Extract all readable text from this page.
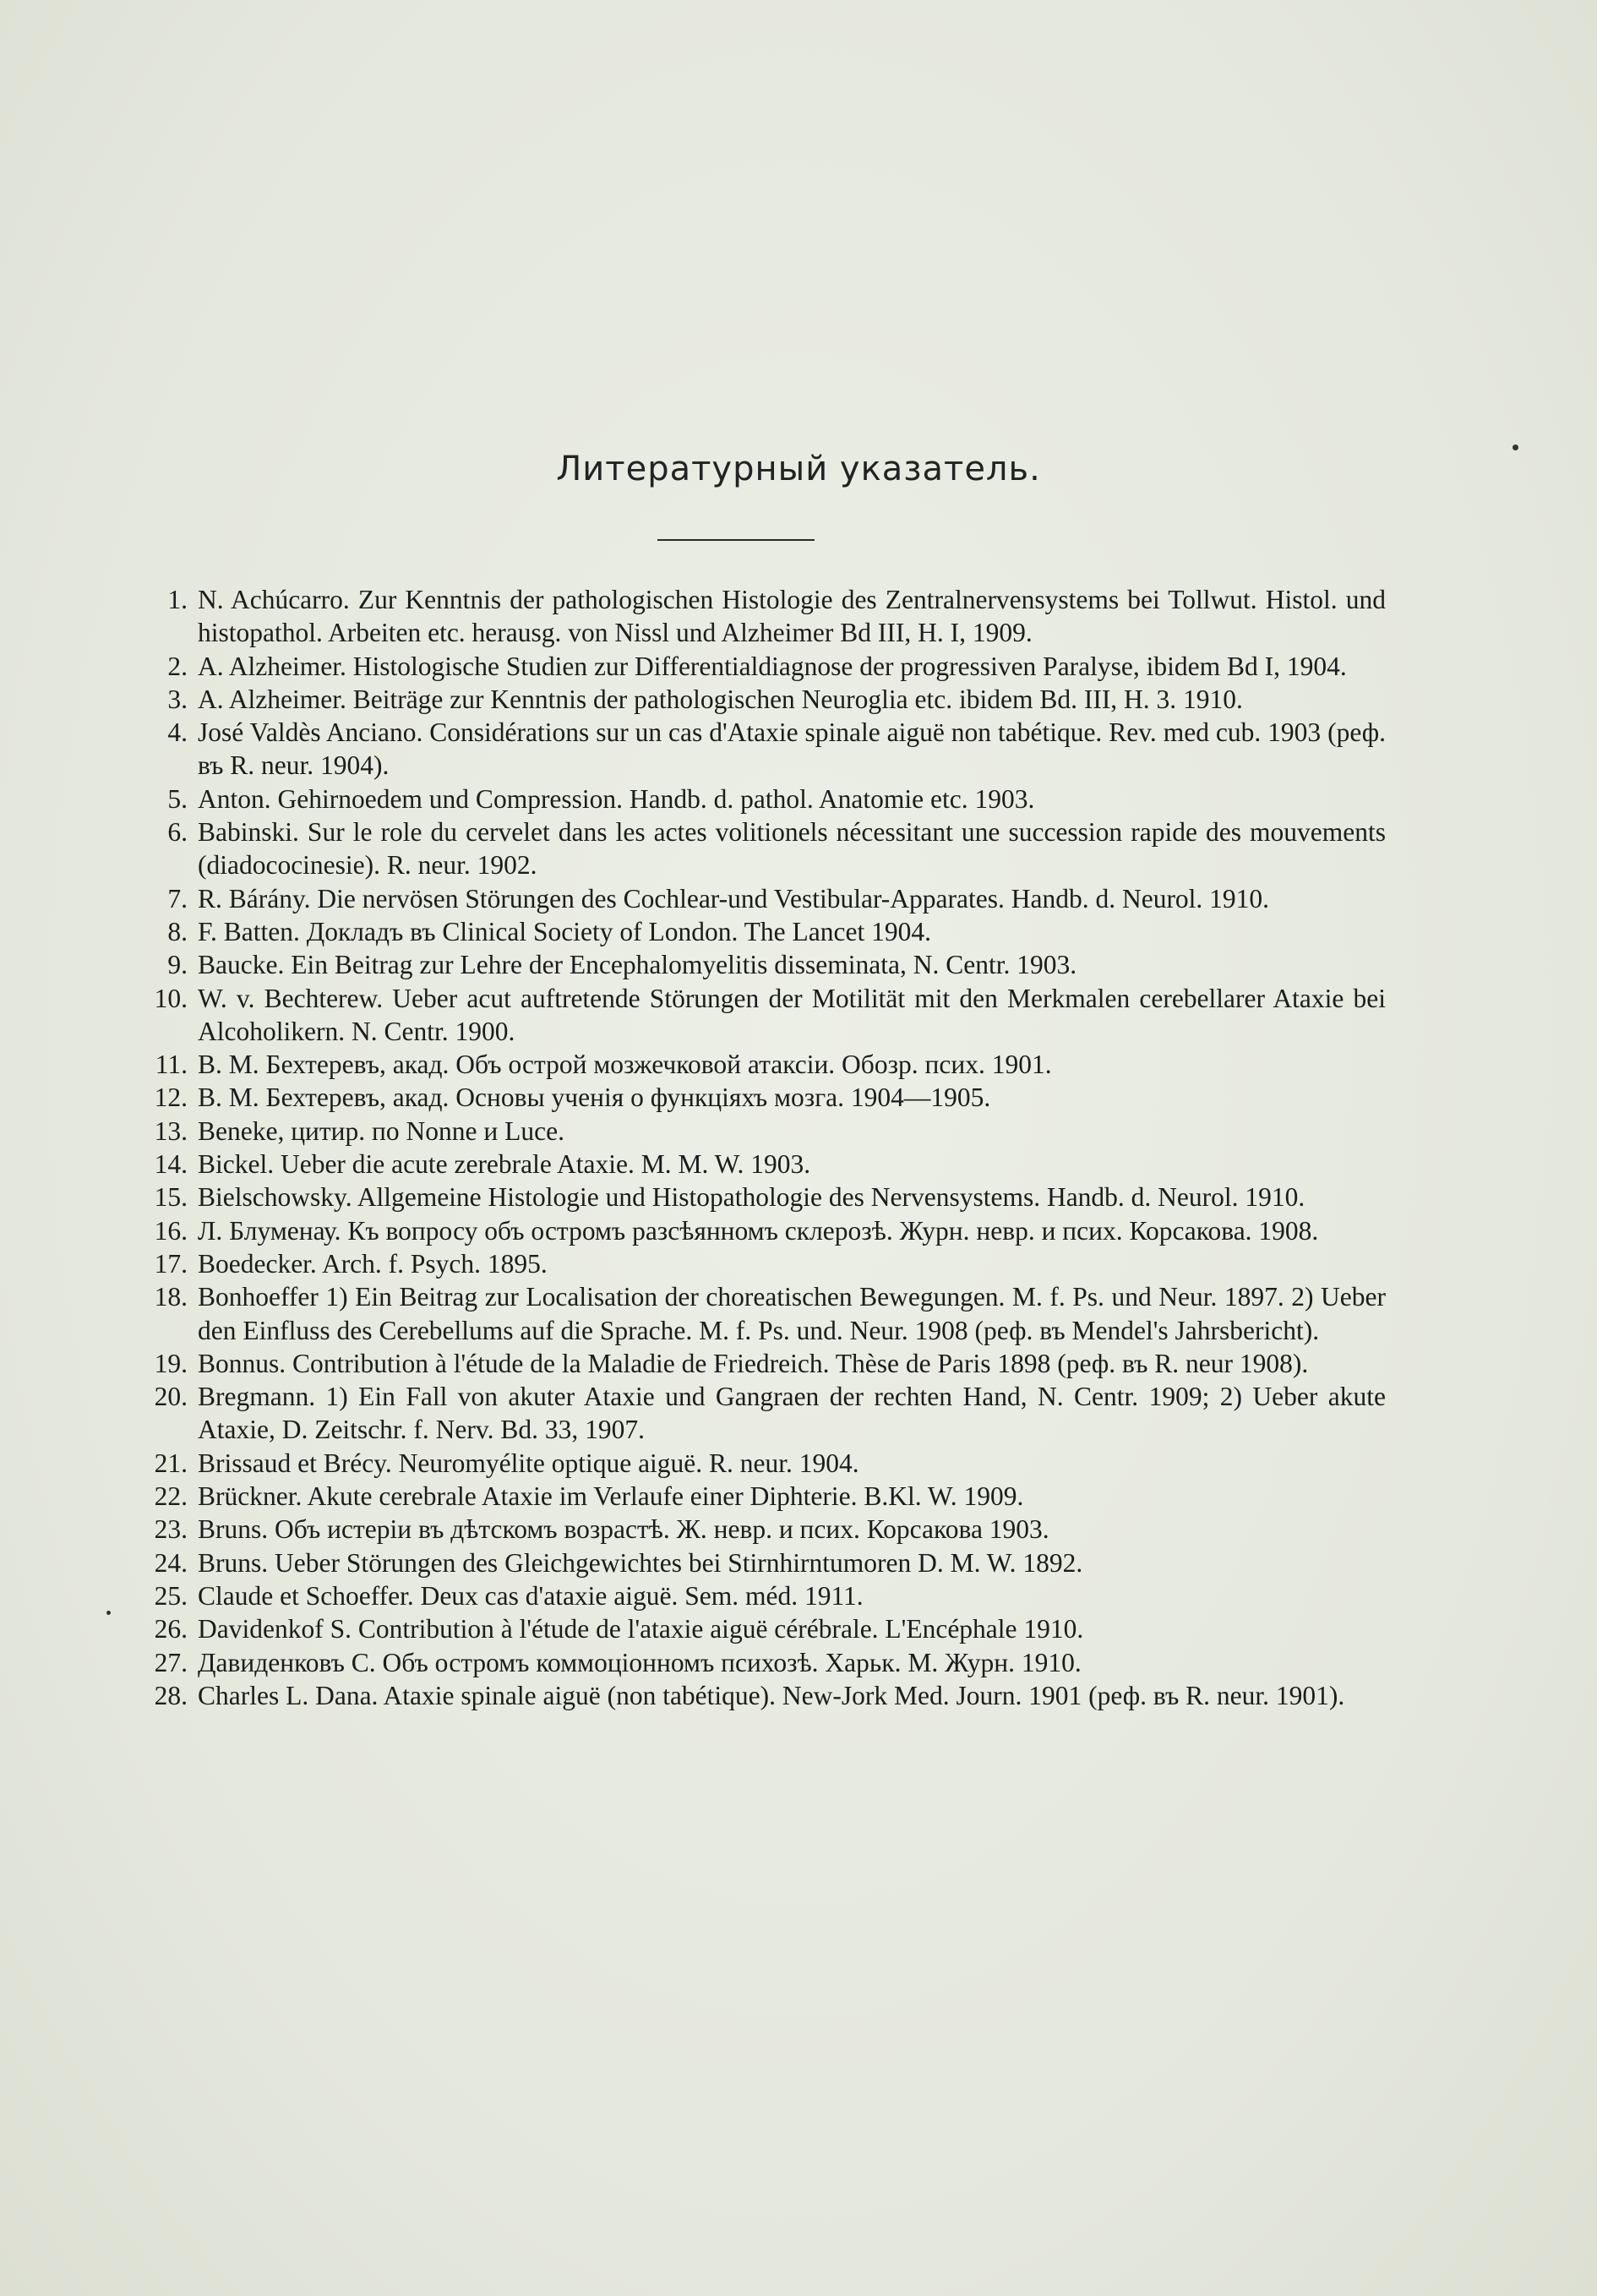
Литературный указатель.
1. N. Achúcarro. Zur Kenntnis der pathologischen Histologie des Zentralnervensystems bei Tollwut. Histol. und histopathol. Arbeiten etc. herausg. von Nissl und Alzheimer Bd III, H. I, 1909.
2. A. Alzheimer. Histologische Studien zur Differentialdiagnose der progressiven Paralyse, ibidem Bd I, 1904.
3. A. Alzheimer. Beiträge zur Kenntnis der pathologischen Neuroglia etc. ibidem Bd. III, H. 3. 1910.
4. José Valdès Anciano. Considérations sur un cas d'Ataxie spinale aiguë non tabétique. Rev. med cub. 1903 (реф. въ R. neur. 1904).
5. Anton. Gehirnoedem und Compression. Handb. d. pathol. Anatomie etc. 1903.
6. Babinski. Sur le role du cervelet dans les actes volitionels nécessitant une succession rapide des mouvements (diadococinesie). R. neur. 1902.
7. R. Bárány. Die nervösen Störungen des Cochlear-und Vestibular-Apparates. Handb. d. Neurol. 1910.
8. F. Batten. Докладъ въ Clinical Society of London. The Lancet 1904.
9. Baucke. Ein Beitrag zur Lehre der Encephalomyelitis disseminata, N. Centr. 1903.
10. W. v. Bechterew. Ueber acut auftretende Störungen der Motilität mit den Merkmalen cerebellarer Ataxie bei Alcoholikern. N. Centr. 1900.
11. В. М. Бехтеревъ, акад. Объ острой мозжечковой атаксіи. Обозр. псих. 1901.
12. В. М. Бехтеревъ, акад. Основы ученія о функціяхъ мозга. 1904—1905.
13. Beneke, цитир. по Nonne и Luce.
14. Bickel. Ueber die acute zerebrale Ataxie. M. M. W. 1903.
15. Bielschowsky. Allgemeine Histologie und Histopathologie des Nervensystems. Handb. d. Neurol. 1910.
16. Л. Блуменау. Къ вопросу объ остромъ разсѣянномъ склерозѣ. Журн. невр. и псих. Корсакова. 1908.
17. Boedecker. Arch. f. Psych. 1895.
18. Bonhoeffer 1) Ein Beitrag zur Localisation der choreatischen Bewegungen. M. f. Ps. und Neur. 1897. 2) Ueber den Einfluss des Cerebellums auf die Sprache. M. f. Ps. und. Neur. 1908 (реф. въ Mendel's Jahrsbericht).
19. Bonnus. Contribution à l'étude de la Maladie de Friedreich. Thèse de Paris 1898 (реф. въ R. neur 1908).
20. Bregmann. 1) Ein Fall von akuter Ataxie und Gangraen der rechten Hand, N. Centr. 1909; 2) Ueber akute Ataxie, D. Zeitschr. f. Nerv. Bd. 33, 1907.
21. Brissaud et Brécy. Neuromyélite optique aiguë. R. neur. 1904.
22. Brückner. Akute cerebrale Ataxie im Verlaufe einer Diphterie. B.Kl. W. 1909.
23. Bruns. Объ истеріи въ дѣтскомъ возрастѣ. Ж. невр. и псих. Корсакова 1903.
24. Bruns. Ueber Störungen des Gleichgewichtes bei Stirnhirntumoren D. M. W. 1892.
25. Claude et Schoeffer. Deux cas d'ataxie aiguë. Sem. méd. 1911.
26. Davidenkof S. Contribution à l'étude de l'ataxie aiguë cérébrale. L'Encéphale 1910.
27. Давиденковъ С. Объ остромъ коммоціонномъ психозѣ. Харьк. М. Журн. 1910.
28. Charles L. Dana. Ataxie spinale aiguë (non tabétique). New-Jork Med. Journ. 1901 (реф. въ R. neur. 1901).
